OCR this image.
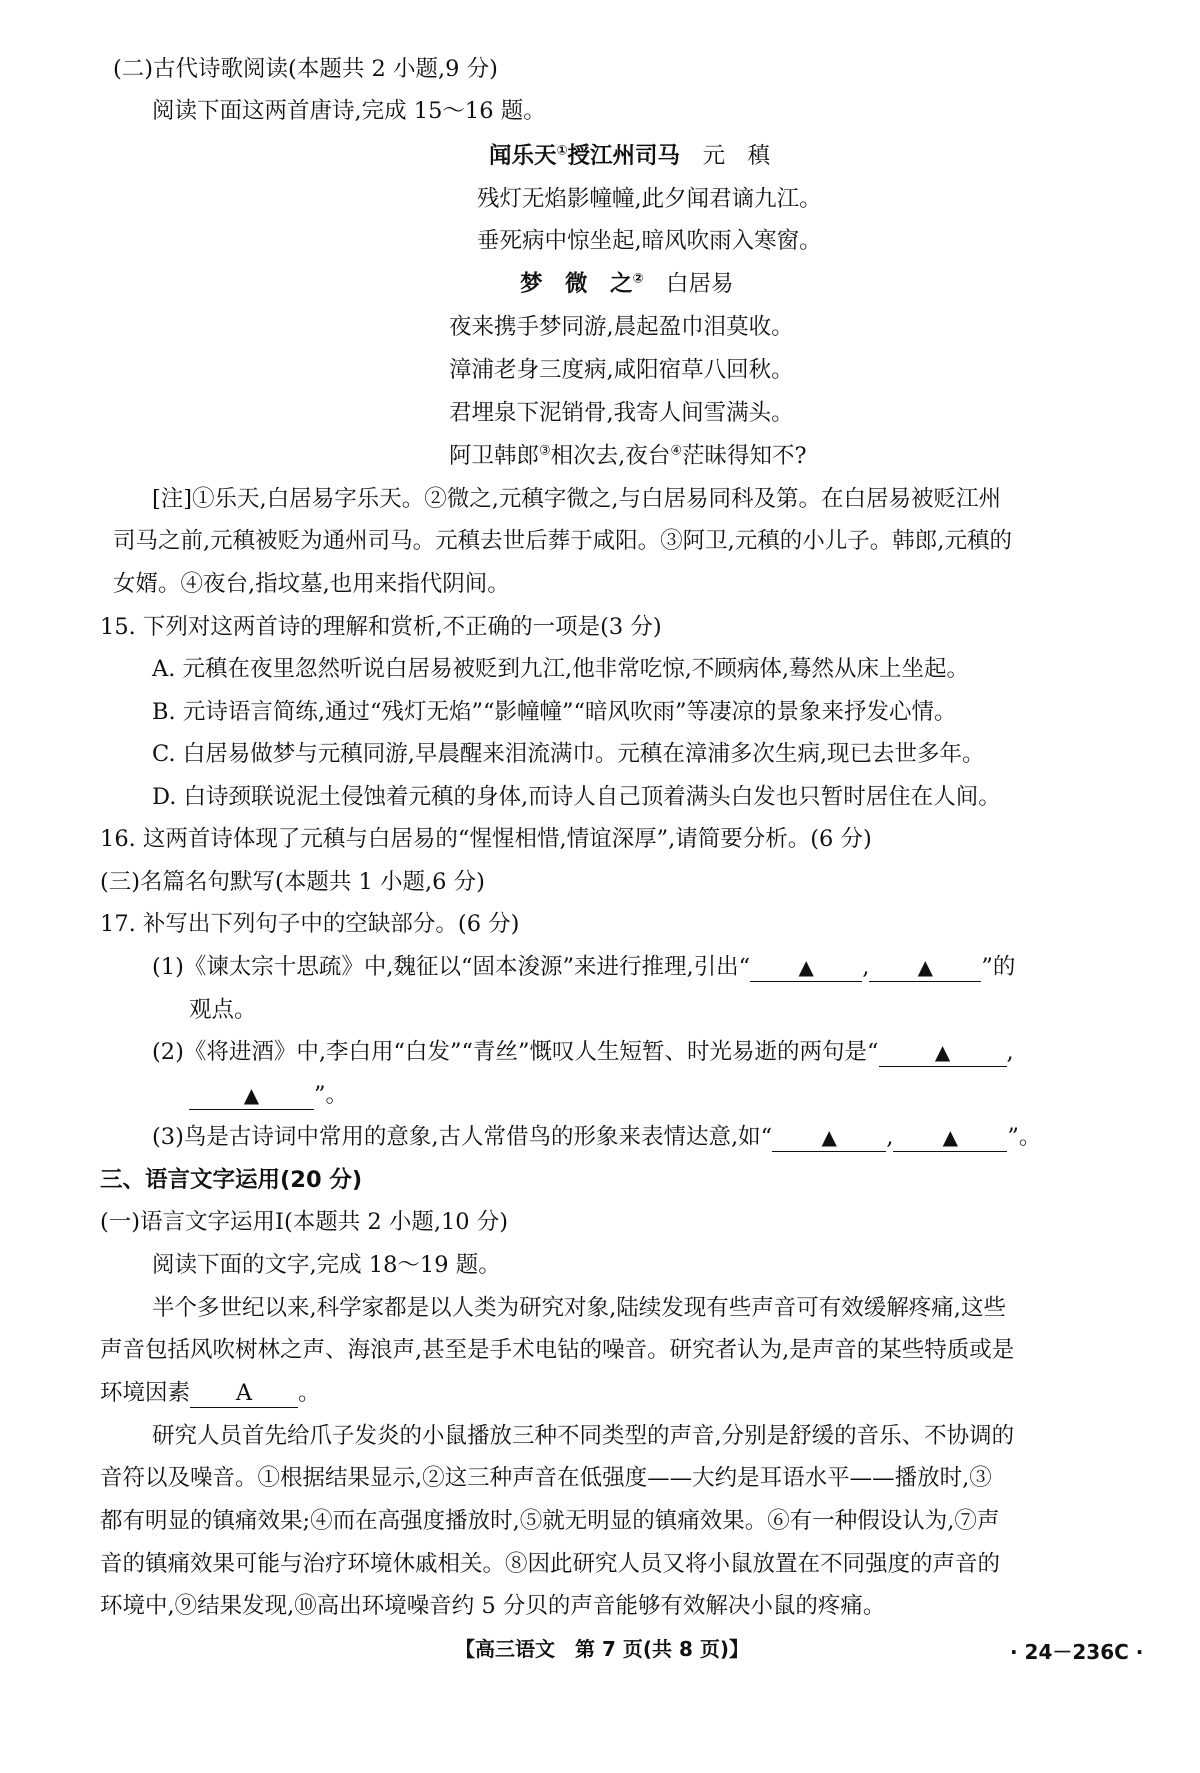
(二)古代诗歌阅读(本题共 2 小题,9 分)
阅读下面这两首唐诗,完成 15～16 题。
闻乐天①授江州司马　 元　稹
残灯无焰影幢幢,此夕闻君谪九江。
垂死病中惊坐起,暗风吹雨入寒窗。
梦　微　之②　 白居易
夜来携手梦同游,晨起盈巾泪莫收。
漳浦老身三度病,咸阳宿草八回秋。
君埋泉下泥销骨,我寄人间雪满头。
阿卫韩郎③相次去,夜台④茫昧得知不?
[注]①乐天,白居易字乐天。②微之,元稹字微之,与白居易同科及第。在白居易被贬江州
司马之前,元稹被贬为通州司马。元稹去世后葬于咸阳。③阿卫,元稹的小儿子。韩郎,元稹的
女婿。④夜台,指坟墓,也用来指代阴间。
15. 下列对这两首诗的理解和赏析,不正确的一项是(3 分)
A. 元稹在夜里忽然听说白居易被贬到九江,他非常吃惊,不顾病体,蓦然从床上坐起。
B. 元诗语言简练,通过“残灯无焰”“影幢幢”“暗风吹雨”等凄凉的景象来抒发心情。
C. 白居易做梦与元稹同游,早晨醒来泪流满巾。元稹在漳浦多次生病,现已去世多年。
D. 白诗颈联说泥土侵蚀着元稹的身体,而诗人自己顶着满头白发也只暂时居住在人间。
16. 这两首诗体现了元稹与白居易的“惺惺相惜,情谊深厚”,请简要分析。(6 分)
(三)名篇名句默写(本题共 1 小题,6 分)
17. 补写出下列句子中的空缺部分。(6 分)
(1)《谏太宗十思疏》中,魏征以“固本浚源”来进行推理,引出“ ▲ , ▲ ”的
观点。
(2)《将进酒》中,李白用“白发”“青丝”慨叹人生短暂、时光易逝的两句是“	▲	,
▲ ”。
(3)鸟是古诗词中常用的意象,古人常借鸟的形象来表情达意,如“ ▲ , ▲ ”。
三、语言文字运用(20 分)
(一)语言文字运用Ⅰ(本题共 2 小题,10 分)
阅读下面的文字,完成 18～19 题。
半个多世纪以来,科学家都是以人类为研究对象,陆续发现有些声音可有效缓解疼痛,这些
声音包括风吹树林之声、海浪声,甚至是手术电钻的噪音。研究者认为,是声音的某些特质或是
环境因素 A 。
研究人员首先给爪子发炎的小鼠播放三种不同类型的声音,分别是舒缓的音乐、不协调的
音符以及噪音。①根据结果显示,②这三种声音在低强度——大约是耳语水平——播放时,③
都有明显的镇痛效果;④而在高强度播放时,⑤就无明显的镇痛效果。⑥有一种假设认为,⑦声
音的镇痛效果可能与治疗环境休戚相关。⑧因此研究人员又将小鼠放置在不同强度的声音的
环境中,⑨结果发现,⑩高出环境噪音约 5 分贝的声音能够有效解决小鼠的疼痛。
【高三语文　第 7 页(共 8 页)】	· 24－236C ·
